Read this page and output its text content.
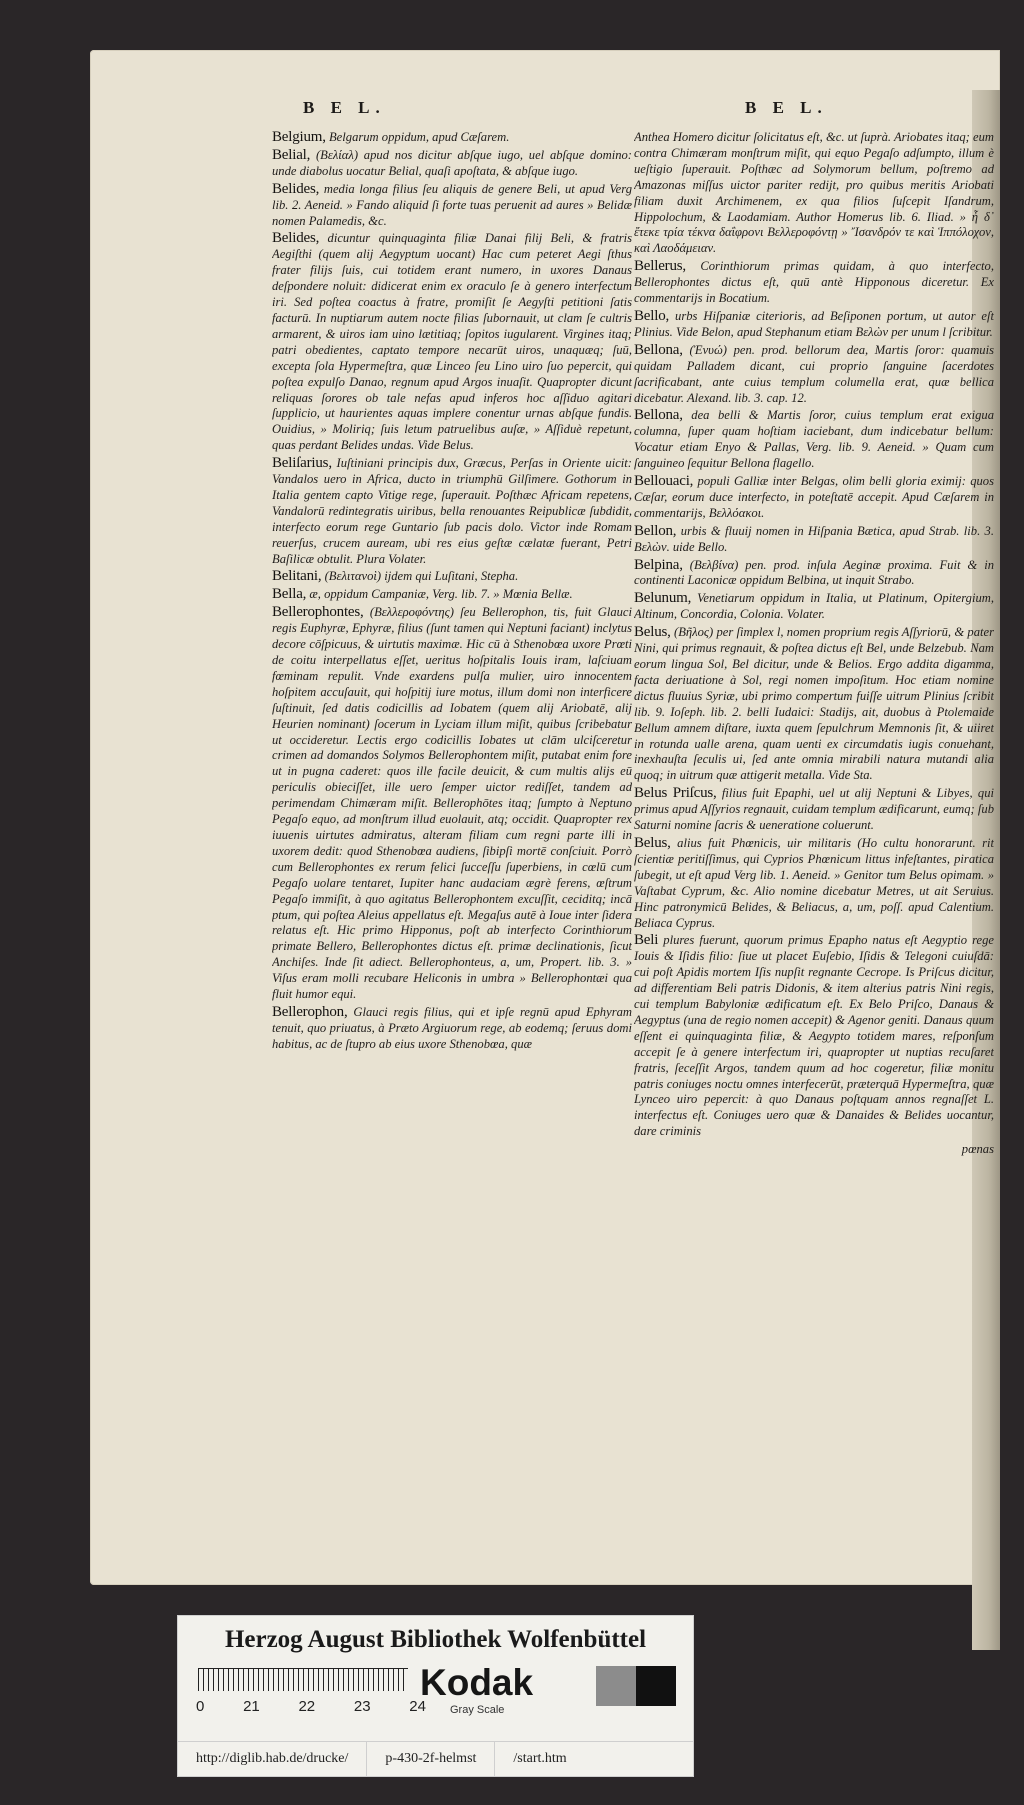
B E L.	B E L.
Belgium, Belgarum oppidum, apud Cæſarem.
Belial, (Βελίαλ) apud nos dicitur abſque iugo, uel abſque domino: unde diabolus uocatur Belial, quaſi apoſtata, & abſque iugo.
Belides, media longa filius ſeu aliquis de genere Beli, ut apud Verg lib. 2. Aeneid. » Fando aliquid ſi forte tuas peruenit ad aures » Belidæ nomen Palamedis, &c.
Belides, dicuntur quinquaginta filiæ Danai filij Beli, & fratris Aegiſthi (quem alij Aegyptum uocant) Hac cum peteret Aegi ſthus frater filijs ſuis, cui totidem erant numero, in uxores Danaus deſpondere noluit: didicerat enim ex oraculo ſe à genero interfectum iri. Sed poſtea coactus à fratre, promiſit ſe Aegyſti petitioni ſatis facturū. In nuptiarum autem nocte filias ſubornauit, ut clam ſe cultris armarent, & uiros iam uino lætitiaq; ſopitos iugularent. Virgines itaq; patri obedientes, captato tempore necarūt uiros, unaquæq; ſuū, excepta ſola Hypermeſtra, quæ Linceo ſeu Lino uiro ſuo pepercit, qui poſtea expulſo Danao, regnum apud Argos inuaſit. Quapropter dicunt reliquas ſorores ob tale nefas apud inferos hoc aſſiduo agitari ſupplicio, ut haurientes aquas implere conentur urnas abſque fundis. Ouidius, » Moliriq; ſuis letum patruelibus auſæ, » Aſſiduè repetunt, quas perdant Belides undas. Vide Belus.
Beliſarius, Iuſtiniani principis dux, Græcus, Perſas in Oriente uicit: Vandalos uero in Africa, ducto in triumphū Gilſimere. Gothorum in Italia gentem capto Vitige rege, ſuperauit. Poſthæc Africam repetens, Vandalorū redintegratis uiribus, bella renouantes Reipublicæ ſubdidit, interfecto eorum rege Guntario ſub pacis dolo. Victor inde Romam reuerſus, crucem auream, ubi res eius geſtæ cælatæ fuerant, Petri Baſilicæ obtulit. Plura Volater.
Belitani, (Βελιτανοὶ) ijdem qui Luſitani, Stepha.
Bella, æ, oppidum Campaniæ, Verg. lib. 7. » Mœnia Bellæ.
Bellerophontes, (Βελλεροφόντης) ſeu Bellerophon, tis, fuit Glauci regis Euphyræ, Ephyræ, filius (ſunt tamen qui Neptuni faciant) inclytus decore cōſpicuus, & uirtutis maximæ. Hic cū à Sthenobœa uxore Prœti de coitu interpellatus eſſet, ueritus hoſpitalis Iouis iram, laſciuam fœminam repulit. Vnde exardens pulſa mulier, uiro innocentem hoſpitem accuſauit, qui hoſpitij iure motus, illum domi non interficere ſuſtinuit, ſed datis codicillis ad Iobatem (quem alij Ariobatē, alij Heurien nominant) ſocerum in Lyciam illum miſit, quibus ſcribebatur ut occideretur. Lectis ergo codicillis Iobates ut clām ulciſceretur crimen ad domandos Solymos Bellerophontem miſit, putabat enim fore ut in pugna caderet: quos ille facile deuicit, & cum multis alijs eū periculis obieciſſet, ille uero ſemper uictor rediſſet, tandem ad perimendam Chimæram miſit. Bellerophōtes itaq; ſumpto à Neptuno Pegaſo equo, ad monſtrum illud euolauit, atq; occidit. Quapropter rex iuuenis uirtutes admiratus, alteram filiam cum regni parte illi in uxorem dedit: quod Sthenobœa audiens, ſibipſi mortē conſciuit. Porrò cum Bellerophontes ex rerum felici ſucceſſu ſuperbiens, in cœlū cum Pegaſo uolare tentaret, Iupiter hanc audaciam ægrè ferens, œſtrum Pegaſo immiſit, à quo agitatus Bellerophontem excuſſit, ceciditq; incā ptum, qui poſtea Aleius appellatus eſt. Megaſus autē à Ioue inter ſidera relatus eſt. Hic primo Hipponus, poſt ab interfecto Corinthiorum primate Bellero, Bellerophontes dictus eſt. primæ declinationis, ſicut Anchiſes. Inde ſit adiect. Bellerophonteus, a, um, Propert. lib. 3. » Viſus eram molli recubare Heliconis in umbra » Bellerophontæi qua fluit humor equi.
Bellerophon, Glauci regis filius, qui et ipſe regnū apud Ephyram tenuit, quo priuatus, à Præto Argiuorum rege, ab eodemq; ſeruus domi habitus, ac de ſtupro ab eius uxore Sthenobœa, quæ
Anthea Homero dicitur ſolicitatus eſt, &c. ut ſuprà. Ariobates itaq; eum contra Chimæram monſtrum miſit, qui equo Pegaſo adſumpto, illum è ueſtigio ſuperauit. Poſthæc ad Solymorum bellum, poſtremo ad Amazonas miſſus uictor pariter redijt, pro quibus meritis Ariobati filiam duxit Archimenem, ex qua filios ſuſcepit Iſandrum, Hippolochum, & Laodamiam. Author Homerus lib. 6. Iliad. » ἦ δ᾽ ἔτεκε τρία τέκνα δαΐφρονι Βελλεροφόντῃ » Ἴσανδρόν τε καὶ Ἱππόλοχον, καὶ Λαοδάμειαν.
Bellerus, Corinthiorum primas quidam, à quo interfecto, Bellerophontes dictus eſt, quū antè Hipponous diceretur. Ex commentarijs in Bocatium.
Bello, urbs Hiſpaniæ citerioris, ad Beſiponen portum, ut autor eſt Plinius. Vide Belon, apud Stephanum etiam Βελὼν per unum l ſcribitur.
Bellona, (Ἐνυώ) pen. prod. bellorum dea, Martis ſoror: quamuis quidam Palladem dicant, cui proprio ſanguine ſacerdotes ſacrificabant, ante cuius templum columella erat, quæ bellica dicebatur. Alexand. lib. 3. cap. 12.
Bellona, dea belli & Martis ſoror, cuius templum erat exigua columna, ſuper quam hoſtiam iaciebant, dum indicebatur bellum: Vocatur etiam Enyo & Pallas, Verg. lib. 9. Aeneid. » Quam cum ſanguineo ſequitur Bellona flagello.
Bellouaci, populi Galliæ inter Belgas, olim belli gloria eximij: quos Cæſar, eorum duce interfecto, in poteſtatē accepit. Apud Cæſarem in commentarijs, Βελλόακοι.
Bellon, urbis & fluuij nomen in Hiſpania Bætica, apud Strab. lib. 3. Βελὼν. uide Bello.
Belpina, (Βελβίνα) pen. prod. inſula Aeginæ proxima. Fuit & in continenti Laconicæ oppidum Belbina, ut inquit Strabo.
Belunum, Venetiarum oppidum in Italia, ut Platinum, Opitergium, Altinum, Concordia, Colonia. Volater.
Belus, (Βῆλος) per ſimplex l, nomen proprium regis Aſſyriorū, & pater Nini, qui primus regnauit, & poſtea dictus eſt Bel, unde Belzebub. Nam eorum lingua Sol, Bel dicitur, unde & Belios. Ergo addita digamma, facta deriuatione à Sol, regi nomen impoſitum. Hoc etiam nomine dictus fluuius Syriæ, ubi primo compertum fuiſſe uitrum Plinius ſcribit lib. 9. Ioſeph. lib. 2. belli Iudaici: Stadijs, ait, duobus à Ptolemaide Bellum amnem diſtare, iuxta quem ſepulchrum Memnonis ſit, & uiiret in rotunda ualle arena, quam uenti ex circumdatis iugis conuehant, inexhauſta ſeculis ui, ſed ante omnia mirabili natura mutandi alia quoq; in uitrum quæ attigerit metalla. Vide Sta.
Belus Priſcus, filius fuit Epaphi, uel ut alij Neptuni & Libyes, qui primus apud Aſſyrios regnauit, cuidam templum ædificarunt, eumq; ſub Saturni nomine ſacris & ueneratione coluerunt.
Belus, alius fuit Phœnicis, uir militaris (Ho cultu honorarunt. rit ſcientiæ peritiſſimus, qui Cyprios Phœnicum littus infeſtantes, piratica ſubegit, ut eſt apud Verg lib. 1. Aeneid. » Genitor tum Belus opimam. » Vaſtabat Cyprum, &c. Alio nomine dicebatur Metres, ut ait Seruius. Hinc patronymicū Belides, & Beliacus, a, um, poſſ. apud Calentium. Beliaca Cyprus.
Beli plures fuerunt, quorum primus Epapho natus eſt Aegyptio rege Iouis & Iſidis filio: ſiue ut placet Euſebio, Iſidis & Telegoni cuiuſdā: cui poſt Apidis mortem Iſis nupſit regnante Cecrope. Is Priſcus dicitur, ad differentiam Beli patris Didonis, & item alterius patris Nini regis, cui templum Babyloniæ ædificatum eſt. Ex Belo Priſco, Danaus & Aegyptus (una de regio nomen accepit) & Agenor geniti. Danaus quum eſſent ei quinquaginta filiæ, & Aegypto totidem mares, reſponſum accepit ſe à genere interfectum iri, quapropter ut nuptias recuſaret fratris, ſeceſſit Argos, tandem quum ad hoc cogeretur, filiæ monitu patris coniuges noctu omnes interfecerūt, præterquā Hypermeſtra, quæ Lynceo uiro pepercit: à quo Danaus poſtquam annos regnaſſet L. interfectus eſt. Coniuges uero quæ & Danaides & Belides uocantur, dare criminis
pœnas
Herzog August Bibliothek Wolfenbüttel
0	21	22	23	24
Kodak
Gray Scale
http://diglib.hab.de/drucke/	p-430-2f-helmst	/start.htm
